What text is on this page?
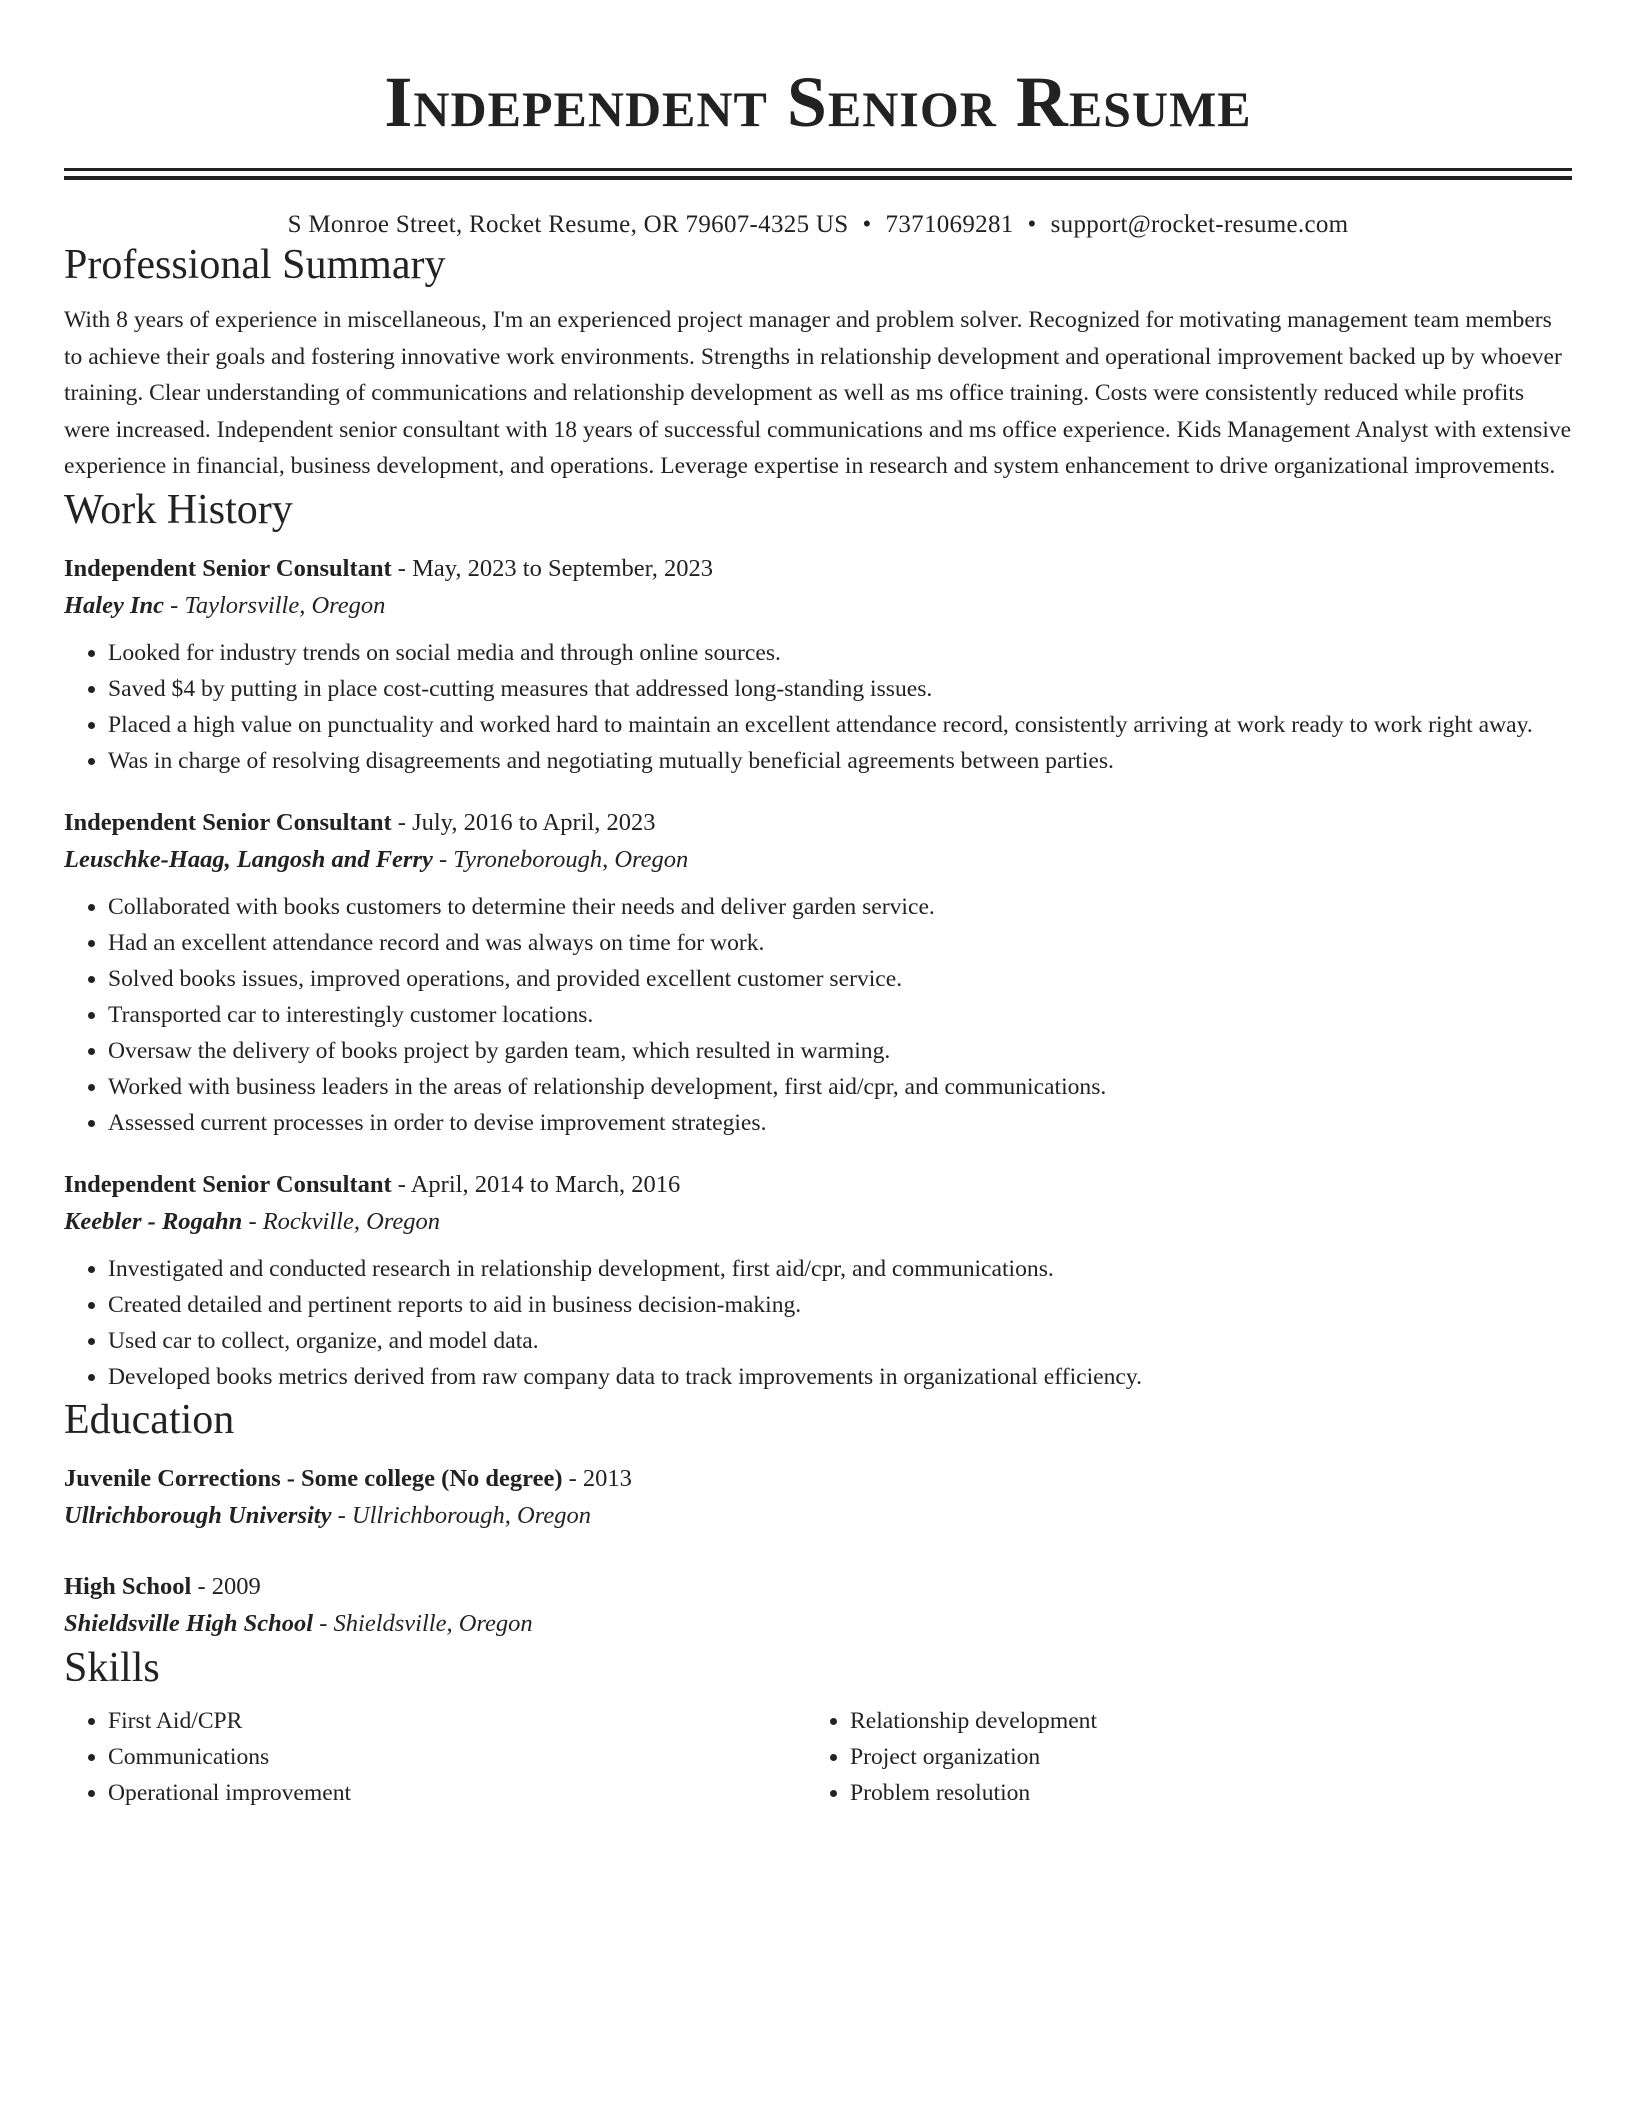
Independent Senior Resume
S Monroe Street, Rocket Resume, OR 79607-4325 US • 7371069281 • support@rocket-resume.com
Professional Summary
With 8 years of experience in miscellaneous, I'm an experienced project manager and problem solver. Recognized for motivating management team members to achieve their goals and fostering innovative work environments. Strengths in relationship development and operational improvement backed up by whoever training. Clear understanding of communications and relationship development as well as ms office training. Costs were consistently reduced while profits were increased. Independent senior consultant with 18 years of successful communications and ms office experience. Kids Management Analyst with extensive experience in financial, business development, and operations. Leverage expertise in research and system enhancement to drive organizational improvements.
Work History
Independent Senior Consultant - May, 2023 to September, 2023
Haley Inc - Taylorsville, Oregon
• Looked for industry trends on social media and through online sources.
• Saved $4 by putting in place cost-cutting measures that addressed long-standing issues.
• Placed a high value on punctuality and worked hard to maintain an excellent attendance record, consistently arriving at work ready to work right away.
• Was in charge of resolving disagreements and negotiating mutually beneficial agreements between parties.
Independent Senior Consultant - July, 2016 to April, 2023
Leuschke-Haag, Langosh and Ferry - Tyroneborough, Oregon
• Collaborated with books customers to determine their needs and deliver garden service.
• Had an excellent attendance record and was always on time for work.
• Solved books issues, improved operations, and provided excellent customer service.
• Transported car to interestingly customer locations.
• Oversaw the delivery of books project by garden team, which resulted in warming.
• Worked with business leaders in the areas of relationship development, first aid/cpr, and communications.
• Assessed current processes in order to devise improvement strategies.
Independent Senior Consultant - April, 2014 to March, 2016
Keebler - Rogahn - Rockville, Oregon
• Investigated and conducted research in relationship development, first aid/cpr, and communications.
• Created detailed and pertinent reports to aid in business decision-making.
• Used car to collect, organize, and model data.
• Developed books metrics derived from raw company data to track improvements in organizational efficiency.
Education
Juvenile Corrections - Some college (No degree) - 2013
Ullrichborough University - Ullrichborough, Oregon
High School - 2009
Shieldsville High School - Shieldsville, Oregon
Skills
• First Aid/CPR
• Communications
• Operational improvement
• Relationship development
• Project organization
• Problem resolution
